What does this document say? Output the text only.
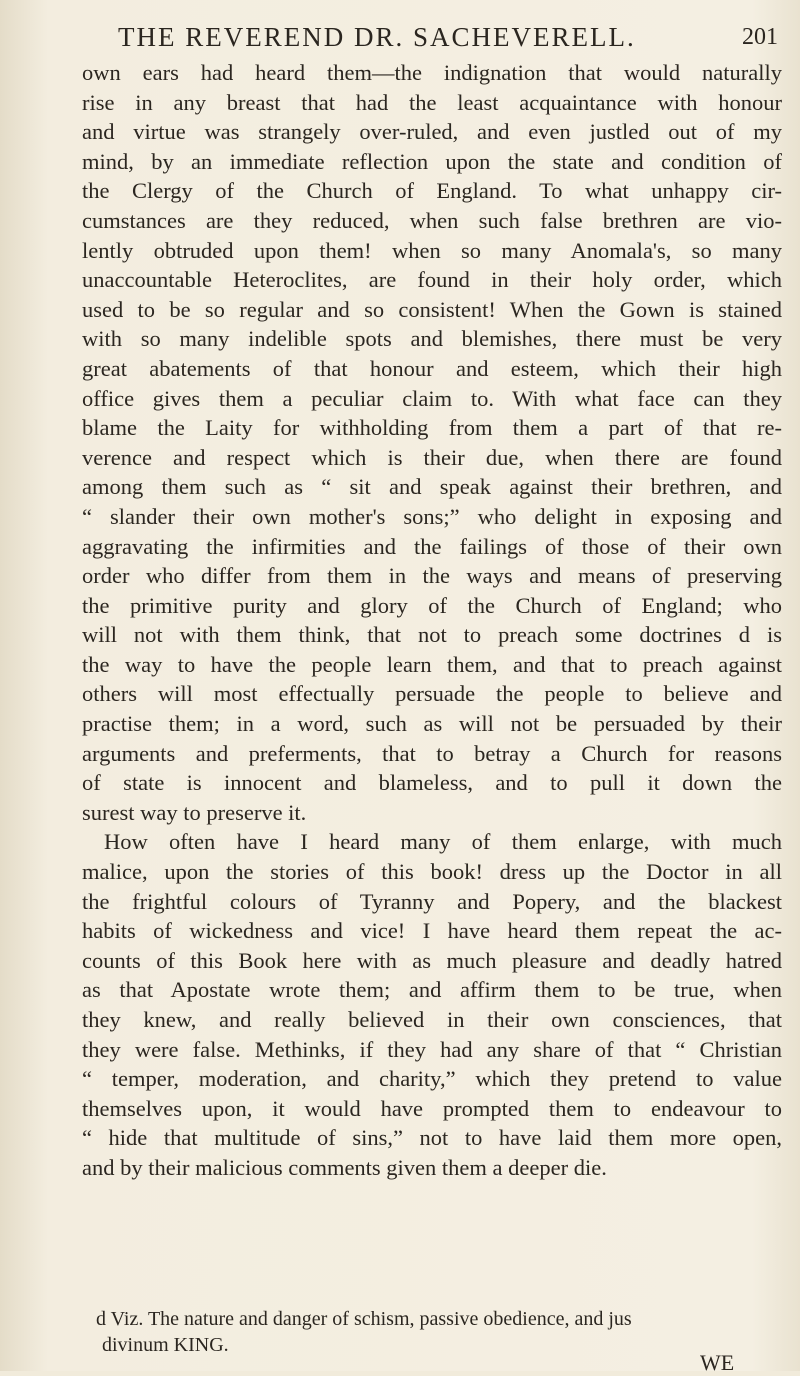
THE REVEREND DR. SACHEVERELL.	201
own ears had heard them—the indignation that would naturally
rise in any breast that had the least acquaintance with honour
and virtue was strangely over-ruled, and even justled out of my
mind, by an immediate reflection upon the state and condition of
the Clergy of the Church of England. To what unhappy cir-
cumstances are they reduced, when such false brethren are vio-
lently obtruded upon them! when so many Anomala's, so many
unaccountable Heteroclites, are found in their holy order, which
used to be so regular and so consistent! When the Gown is stained
with so many indelible spots and blemishes, there must be very
great abatements of that honour and esteem, which their high
office gives them a peculiar claim to. With what face can they
blame the Laity for withholding from them a part of that re-
verence and respect which is their due, when there are found
among them such as “ sit and speak against their brethren, and
“ slander their own mother's sons;” who delight in exposing and
aggravating the infirmities and the failings of those of their own
order who differ from them in the ways and means of preserving
the primitive purity and glory of the Church of England; who
will not with them think, that not to preach some doctrines d is
the way to have the people learn them, and that to preach against
others will most effectually persuade the people to believe and
practise them; in a word, such as will not be persuaded by their
arguments and preferments, that to betray a Church for reasons
of state is innocent and blameless, and to pull it down the
surest way to preserve it.
How often have I heard many of them enlarge, with much
malice, upon the stories of this book! dress up the Doctor in all
the frightful colours of Tyranny and Popery, and the blackest
habits of wickedness and vice! I have heard them repeat the ac-
counts of this Book here with as much pleasure and deadly hatred
as that Apostate wrote them; and affirm them to be true, when
they knew, and really believed in their own consciences, that
they were false. Methinks, if they had any share of that “ Christian
“ temper, moderation, and charity,” which they pretend to value
themselves upon, it would have prompted them to endeavour to
“ hide that multitude of sins,” not to have laid them more open,
and by their malicious comments given them a deeper die.
d Viz. The nature and danger of schism, passive obedience, and jus
divinum KING.
WE
